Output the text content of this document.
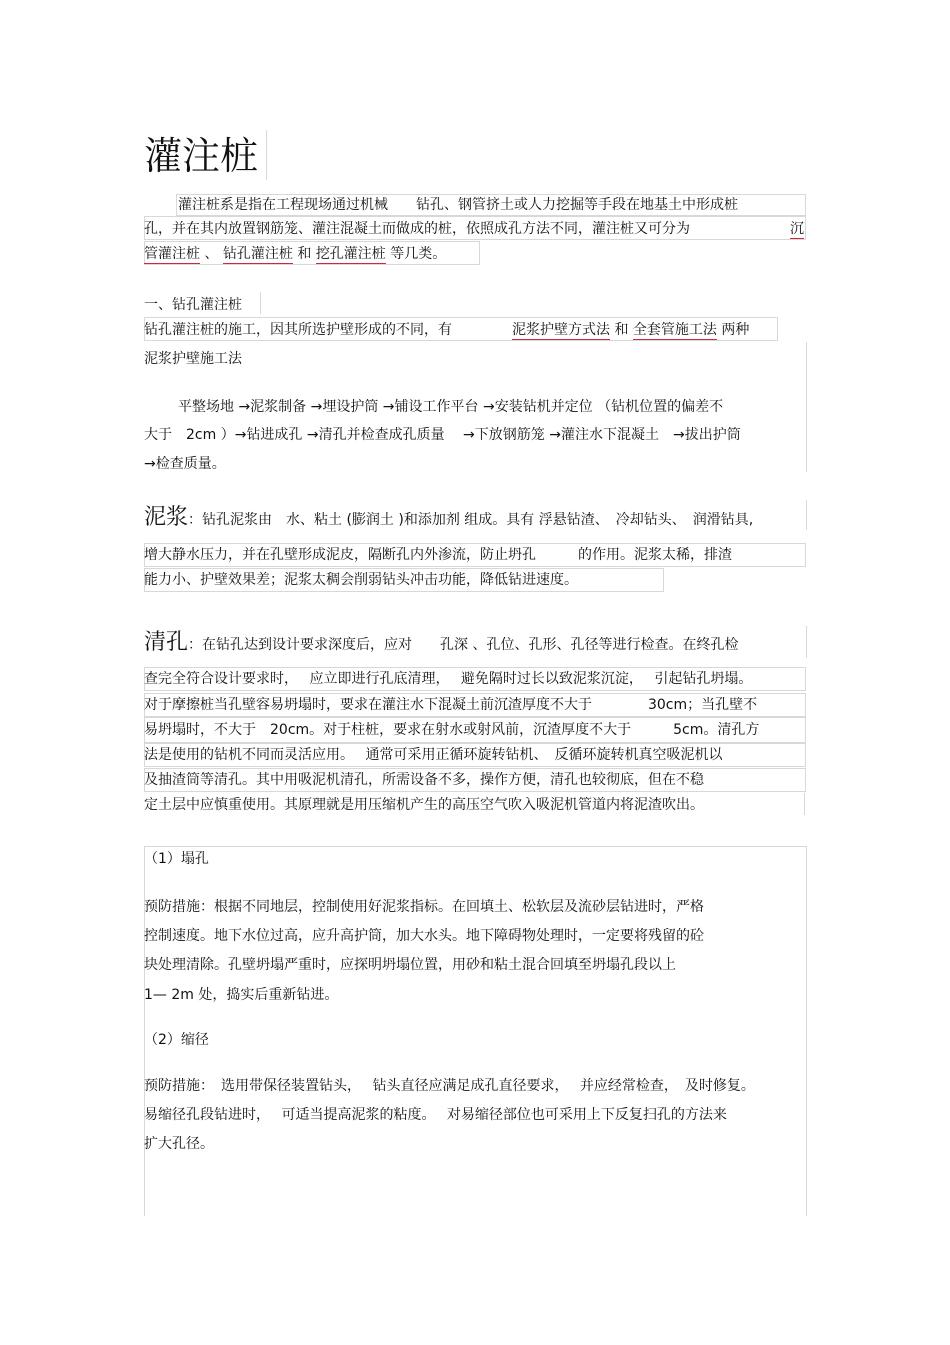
灌注桩
灌注桩系是指在工程现场通过机械　　钻孔、钢管挤土或人力挖掘等手段在地基土中形成桩
孔，并在其内放置钢筋笼、灌注混凝土而做成的桩，依照成孔方法不同，灌注桩又可分为	沉
管灌注桩 、 钻孔灌注桩 和 挖孔灌注桩 等几类。
一、钻孔灌注桩
钻孔灌注桩的施工，因其所选护壁形成的不同，有	泥浆护壁方式法 和 全套管施工法 两种
泥浆护壁施工法
平整场地 →泥浆制备 →埋设护筒 →铺设工作平台 →安装钻机并定位 （钻机位置的偏差不
大于　2cm ）→钻进成孔 →清孔并检查成孔质量　 →下放钢筋笼 →灌注水下混凝土　→拔出护筒
→检查质量。
泥浆：钻孔泥浆由　水、粘土 (膨润土 )和添加剂 组成。具有 浮悬钻渣、　冷却钻头、　润滑钻具,
增大静水压力，并在孔壁形成泥皮，隔断孔内外渗流，防止坍孔　　　的作用。泥浆太稀，排渣
能力小、护壁效果差；泥浆太稠会削弱钻头冲击功能，降低钻进速度。
清孔：在钻孔达到设计要求深度后，应对　　孔深 、孔位、孔形、孔径等进行检查。在终孔检
查完全符合设计要求时，　 应立即进行孔底清理，　 避免隔时过长以致泥浆沉淀，　 引起钻孔坍塌。
对于摩擦桩当孔壁容易坍塌时，要求在灌注水下混凝土前沉渣厚度不大于　　　　30cm；当孔壁不
易坍塌时，不大于　20cm。对于柱桩，要求在射水或射风前，沉渣厚度不大于　　　5cm。清孔方
法是使用的钻机不同而灵活应用。　 通常可采用正循环旋转钻机、　反循环旋转机真空吸泥机以
及抽渣筒等清孔。其中用吸泥机清孔，所需设备不多，操作方便，清孔也较彻底，但在不稳
定土层中应慎重使用。其原理就是用压缩机产生的高压空气吹入吸泥机管道内将泥渣吹出。
（1）塌孔
预防措施：根据不同地层，控制使用好泥浆指标。在回填土、松软层及流砂层钻进时，严格
控制速度。地下水位过高，应升高护筒，加大水头。地下障碍物处理时，一定要将残留的砼
块处理清除。孔壁坍塌严重时，应探明坍塌位置，用砂和粘土混合回填至坍塌孔段以上
1— 2m 处，捣实后重新钻进。
（2）缩径
预防措施：　选用带保径装置钻头，　 钻头直径应满足成孔直径要求，　 并应经常检查，　及时修复。
易缩径孔段钻进时，　 可适当提高泥浆的粘度。　 对易缩径部位也可采用上下反复扫孔的方法来
扩大孔径。
